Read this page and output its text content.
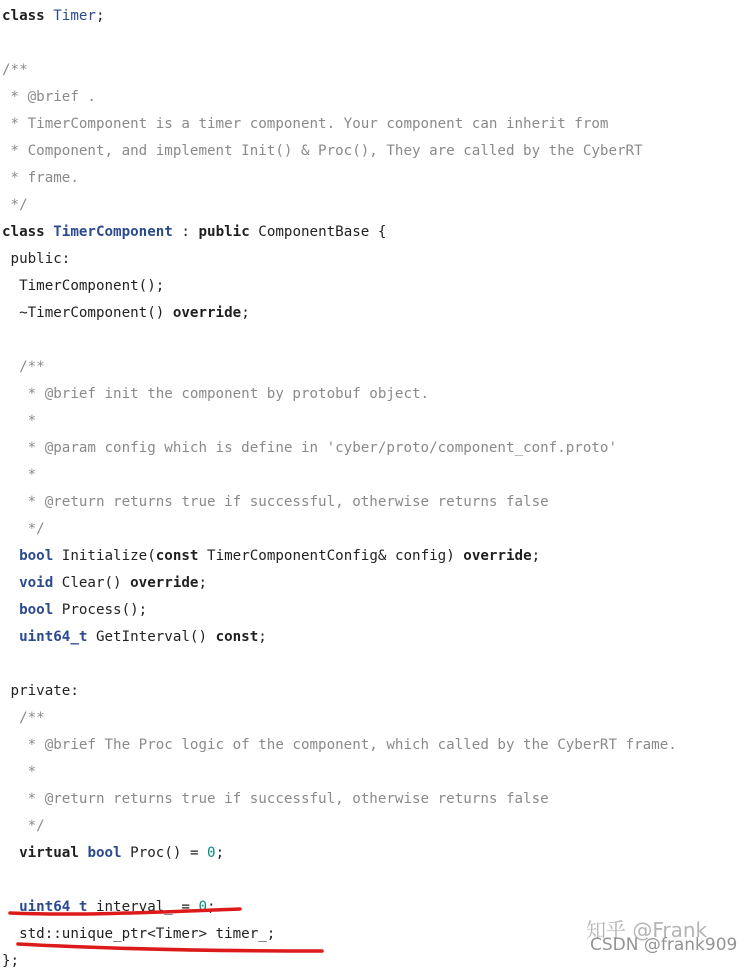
class Timer;
/**
* @brief .
* TimerComponent is a timer component. Your component can inherit from
* Component, and implement Init() & Proc(), They are called by the CyberRT
* frame.
*/
class TimerComponent : public ComponentBase {
public:
TimerComponent();
~TimerComponent() override;
/**
* @brief init the component by protobuf object.
*
* @param config which is define in 'cyber/proto/component_conf.proto'
*
* @return returns true if successful, otherwise returns false
*/
bool Initialize(const TimerComponentConfig& config) override;
void Clear() override;
bool Process();
uint64_t GetInterval() const;
private:
/**
* @brief The Proc logic of the component, which called by the CyberRT frame.
*
* @return returns true if successful, otherwise returns false
*/
virtual bool Proc() = 0;
uint64_t interval_ = 0;
std::unique_ptr<Timer> timer_;
};
知乎 @Frank
CSDN @frank909
